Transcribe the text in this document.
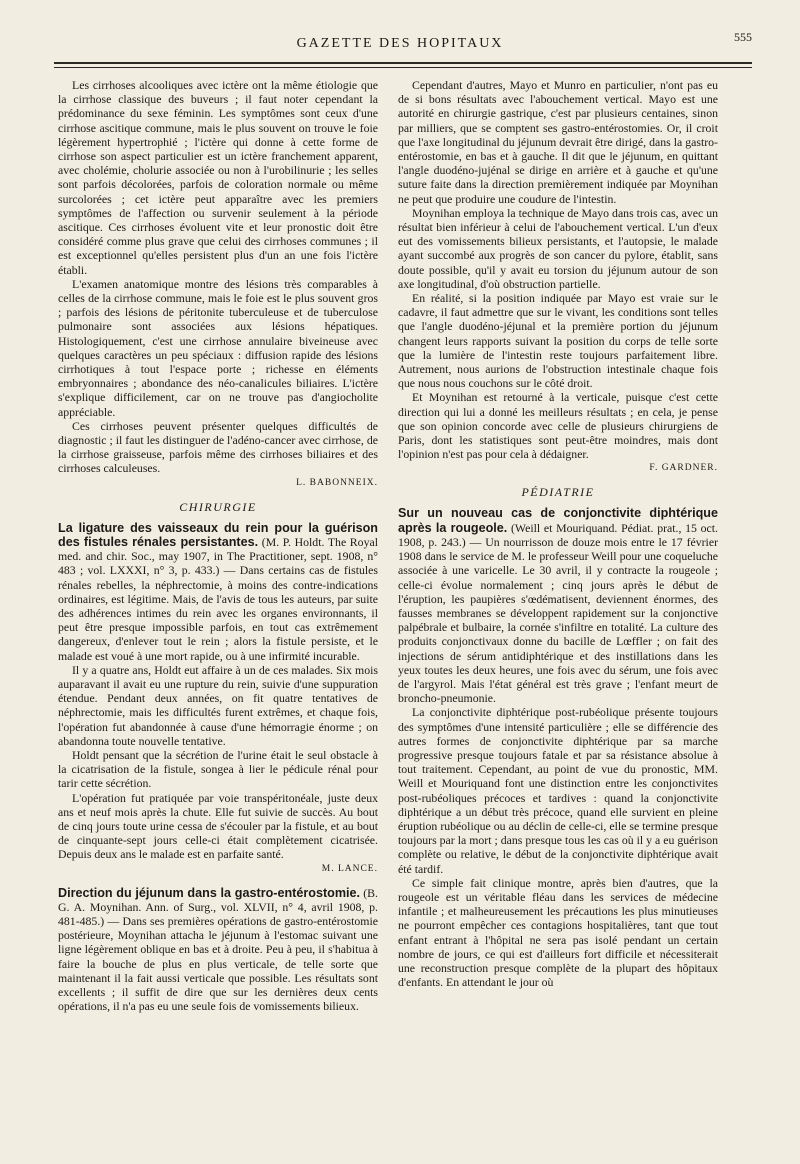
GAZETTE DES HOPITAUX	555

Les cirrhoses alcooliques avec ictère ont la même étiologie que la cirrhose classique des buveurs ; il faut noter cependant la prédominance du sexe féminin. Les symptômes sont ceux d'une cirrhose ascitique commune, mais le plus souvent on trouve le foie légèrement hypertrophié ; l'ictère qui donne à cette forme de cirrhose son aspect particulier est un ictère franchement apparent, avec cholémie, cholurie associée ou non à l'urobilinurie ; les selles sont parfois décolorées, parfois de coloration normale ou même surcolorées ; cet ictère peut apparaître avec les premiers symptômes de l'affection ou survenir seulement à la période ascitique. Ces cirrhoses évoluent vite et leur pronostic doit être considéré comme plus grave que celui des cirrhoses communes ; il est exceptionnel qu'elles persistent plus d'un an une fois l'ictère établi.

L'examen anatomique montre des lésions très comparables à celles de la cirrhose commune, mais le foie est le plus souvent gros ; parfois des lésions de péritonite tuberculeuse et de tuberculose pulmonaire sont associées aux lésions hépatiques. Histologiquement, c'est une cirrhose annulaire biveineuse avec quelques caractères un peu spéciaux : diffusion rapide des lésions cirrhotiques à tout l'espace porte ; richesse en éléments embryonnaires ; abondance des néo-canalicules biliaires. L'ictère s'explique difficilement, car on ne trouve pas d'angiocholite appréciable.

Ces cirrhoses peuvent présenter quelques difficultés de diagnostic ; il faut les distinguer de l'adéno-cancer avec cirrhose, de la cirrhose graisseuse, parfois même des cirrhoses biliaires et des cirrhoses calculeuses.

L. BABONNEIX.
CHIRURGIE

La ligature des vaisseaux du rein pour la guérison des fistules rénales persistantes. (M. P. Holdt. The Royal med. and chir. Soc., may 1907, in The Practitioner, sept. 1908, n° 483 ; vol. LXXXI, n° 3, p. 433.) — Dans certains cas de fistules rénales rebelles, la néphrectomie, à moins des contre-indications ordinaires, est légitime. Mais, de l'avis de tous les auteurs, par suite des adhérences intimes du rein avec les organes environnants, il peut être presque impossible parfois, en tout cas extrêmement dangereux, d'enlever tout le rein ; alors la fistule persiste, et le malade est voué à une mort rapide, ou à une infirmité incurable.

Il y a quatre ans, Holdt eut affaire à un de ces malades. Six mois auparavant il avait eu une rupture du rein, suivie d'une suppuration étendue. Pendant deux années, on fit quatre tentatives de néphrectomie, mais les difficultés furent extrêmes, et chaque fois, l'opération fut abandonnée à cause d'une hémorragie énorme ; on abandonna toute nouvelle tentative.

Holdt pensant que la sécrétion de l'urine était le seul obstacle à la cicatrisation de la fistule, songea à lier le pédicule rénal pour tarir cette sécrétion.

L'opération fut pratiquée par voie transpéritonéale, juste deux ans et neuf mois après la chute. Elle fut suivie de succès. Au bout de cinq jours toute urine cessa de s'écouler par la fistule, et au bout de cinquante-sept jours celle-ci était complètement cicatrisée. Depuis deux ans le malade est en parfaite santé.

M. LANCE.

Direction du jéjunum dans la gastro-entérostomie. (B. G. A. Moynihan. Ann. of Surg., vol. XLVII, n° 4, avril 1908, p. 481-485.) — Dans ses premières opérations de gastro-entérostomie postérieure, Moynihan attacha le jéjunum à l'estomac suivant une ligne légèrement oblique en bas et à droite. Peu à peu, il s'habitua à faire la bouche de plus en plus verticale, de telle sorte que maintenant il la fait aussi verticale que possible. Les résultats sont excellents ; il suffit de dire que sur les dernières deux cents opérations, il n'a pas eu une seule fois de vomissements bilieux.

Cependant d'autres, Mayo et Munro en particulier, n'ont pas eu de si bons résultats avec l'abouchement vertical. Mayo est une autorité en chirurgie gastrique, c'est par plusieurs centaines, sinon par milliers, que se comptent ses gastro-entérostomies. Or, il croit que l'axe longitudinal du jéjunum devrait être dirigé, dans la gastro-entérostomie, en bas et à gauche. Il dit que le jéjunum, en quittant l'angle duodéno-jujénal se dirige en arrière et à gauche et qu'une suture faite dans la direction premièrement indiquée par Moynihan ne peut que produire une coudure de l'intestin.

Moynihan employa la technique de Mayo dans trois cas, avec un résultat bien inférieur à celui de l'abouchement vertical. L'un d'eux eut des vomissements bilieux persistants, et l'autopsie, le malade ayant succombé aux progrès de son cancer du pylore, établit, sans doute possible, qu'il y avait eu torsion du jéjunum autour de son axe longitudinal, d'où obstruction partielle.

En réalité, si la position indiquée par Mayo est vraie sur le cadavre, il faut admettre que sur le vivant, les conditions sont telles que l'angle duodéno-jéjunal et la première portion du jéjunum changent leurs rapports suivant la position du corps de telle sorte que la lumière de l'intestin reste toujours parfaitement libre. Autrement, nous aurions de l'obstruction intestinale chaque fois que nous nous couchons sur le côté droit.

Et Moynihan est retourné à la verticale, puisque c'est cette direction qui lui a donné les meilleurs résultats ; en cela, je pense que son opinion concorde avec celle de plusieurs chirurgiens de Paris, dont les statistiques sont peut-être moindres, mais dont l'opinion n'est pas pour cela à dédaigner.

F. GARDNER.
PÉDIATRIE

Sur un nouveau cas de conjonctivite diphtérique après la rougeole. (Weill et Mouriquand. Pédiat. prat., 15 oct. 1908, p. 243.) — Un nourrisson de douze mois entre le 17 février 1908 dans le service de M. le professeur Weill pour une coqueluche associée à une varicelle. Le 30 avril, il y contracte la rougeole ; celle-ci évolue normalement ; cinq jours après le début de l'éruption, les paupières s'œdématisent, deviennent énormes, des fausses membranes se développent rapidement sur la conjonctive palpébrale et bulbaire, la cornée s'infiltre en totalité. La culture des produits conjonctivaux donne du bacille de Lœffler ; on fait des injections de sérum antidiphtérique et des instillations dans les yeux toutes les deux heures, une fois avec du sérum, une fois avec de l'argyrol. Mais l'état général est très grave ; l'enfant meurt de broncho-pneumonie.

La conjonctivite diphtérique post-rubéolique présente toujours des symptômes d'une intensité particulière ; elle se différencie des autres formes de conjonctivite diphtérique par sa marche progressive presque toujours fatale et par sa résistance absolue à tout traitement. Cependant, au point de vue du pronostic, MM. Weill et Mouriquand font une distinction entre les conjonctivites post-rubéoliques précoces et tardives : quand la conjonctivite diphtérique a un début très précoce, quand elle survient en pleine éruption rubéolique ou au déclin de celle-ci, elle se termine presque toujours par la mort ; dans presque tous les cas où il y a eu guérison complète ou relative, le début de la conjonctivite diphtérique avait été tardif.

Ce simple fait clinique montre, après bien d'autres, que la rougeole est un véritable fléau dans les services de médecine infantile ; et malheureusement les précautions les plus minutieuses ne pourront empêcher ces contagions hospitalières, tant que tout enfant entrant à l'hôpital ne sera pas isolé pendant un certain nombre de jours, ce qui est d'ailleurs fort difficile et nécessiterait une reconstruction presque complète de la plupart des hôpitaux d'enfants. En attendant le jour où
